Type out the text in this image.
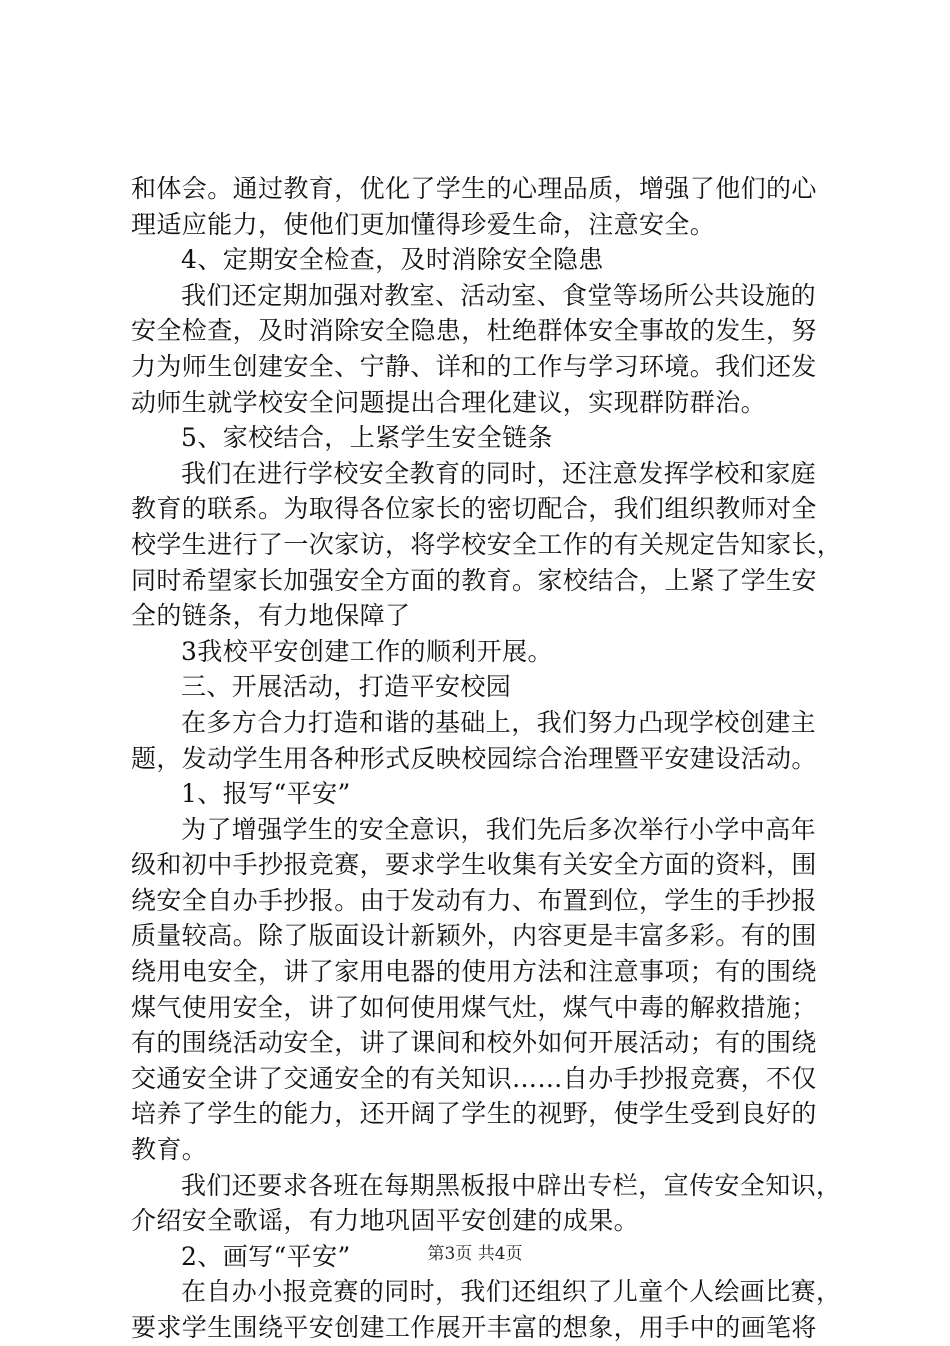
和体会。通过教育，优化了学生的心理品质，增强了他们的心
理适应能力，使他们更加懂得珍爱生命，注意安全。
4、定期安全检查，及时消除安全隐患
我们还定期加强对教室、活动室、食堂等场所公共设施的
安全检查，及时消除安全隐患，杜绝群体安全事故的发生，努
力为师生创建安全、宁静、详和的工作与学习环境。我们还发
动师生就学校安全问题提出合理化建议，实现群防群治。
5、家校结合，上紧学生安全链条
我们在进行学校安全教育的同时，还注意发挥学校和家庭
教育的联系。为取得各位家长的密切配合，我们组织教师对全
校学生进行了一次家访，将学校安全工作的有关规定告知家长，
同时希望家长加强安全方面的教育。家校结合，上紧了学生安
全的链条，有力地保障了
3我校平安创建工作的顺利开展。
三、开展活动，打造平安校园
在多方合力打造和谐的基础上，我们努力凸现学校创建主
题，发动学生用各种形式反映校园综合治理暨平安建设活动。
1、报写“平安”
为了增强学生的安全意识，我们先后多次举行小学中高年
级和初中手抄报竞赛，要求学生收集有关安全方面的资料，围
绕安全自办手抄报。由于发动有力、布置到位，学生的手抄报
质量较高。除了版面设计新颖外，内容更是丰富多彩。有的围
绕用电安全，讲了家用电器的使用方法和注意事项；有的围绕
煤气使用安全，讲了如何使用煤气灶，煤气中毒的解救措施；
有的围绕活动安全，讲了课间和校外如何开展活动；有的围绕
交通安全讲了交通安全的有关知识……自办手抄报竞赛，不仅
培养了学生的能力，还开阔了学生的视野，使学生受到良好的
教育。
我们还要求各班在每期黑板报中辟出专栏，宣传安全知识，
介绍安全歌谣，有力地巩固平安创建的成果。
2、画写“平安”
在自办小报竞赛的同时，我们还组织了儿童个人绘画比赛，
要求学生围绕平安创建工作展开丰富的想象，用手中的画笔将
第3页 共4页
